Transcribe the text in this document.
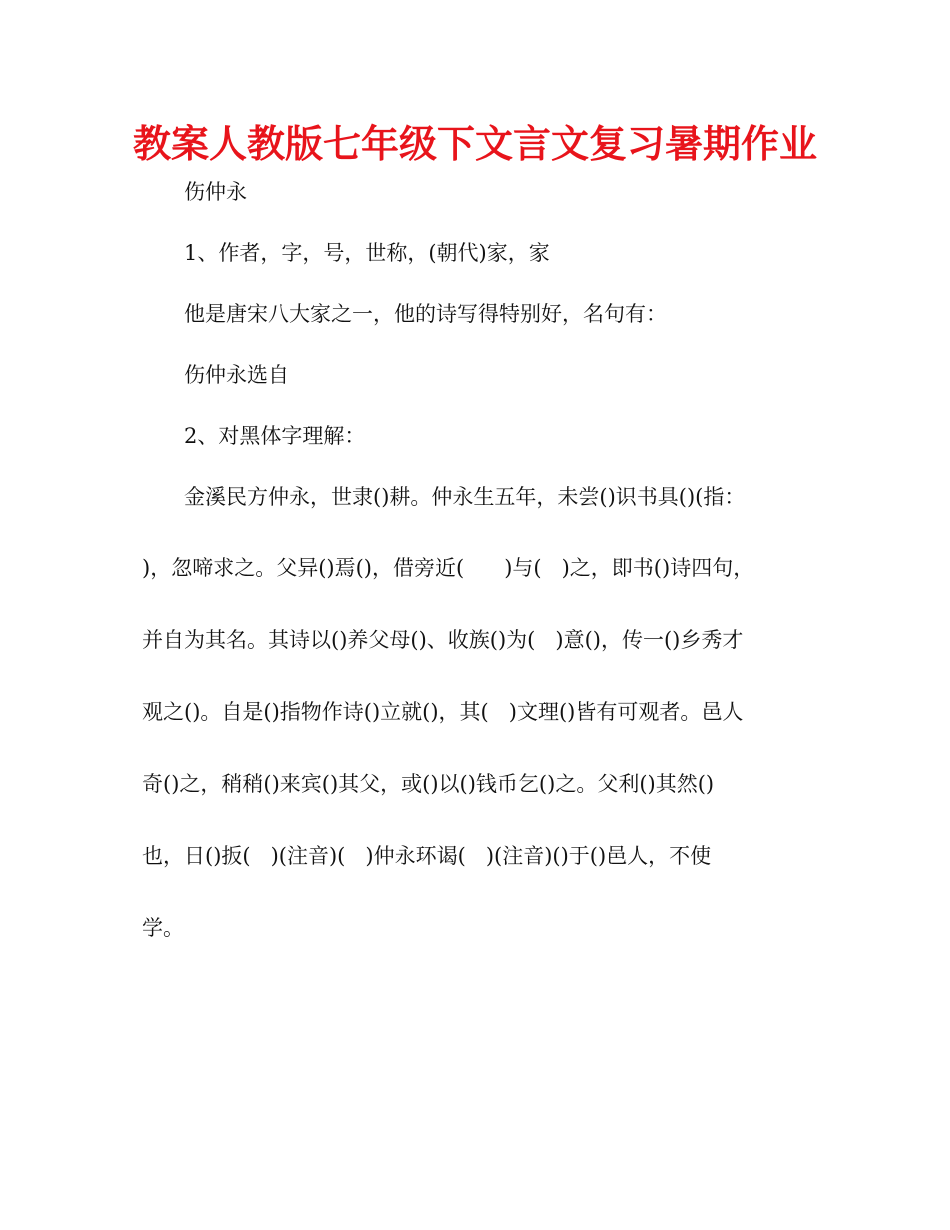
教案人教版七年级下文言文复习暑期作业

伤仲永

1、作者，字，号，世称，(朝代)家，家

他是唐宋八大家之一，他的诗写得特别好，名句有：

伤仲永选自

2、对黑体字理解：

金溪民方仲永，世隶()耕。仲永生五年，未尝()识书具()(指：

)，忽啼求之。父异()焉()，借旁近(      )与(   )之，即书()诗四句，

并自为其名。其诗以()养父母()、收族()为(   )意()，传一()乡秀才

观之()。自是()指物作诗()立就()，其(   )文理()皆有可观者。邑人

奇()之，稍稍()来宾()其父，或()以()钱币乞()之。父利()其然()

也，日()扳(   )(注音)(   )仲永环谒(   )(注音)()于()邑人，不使

学。
